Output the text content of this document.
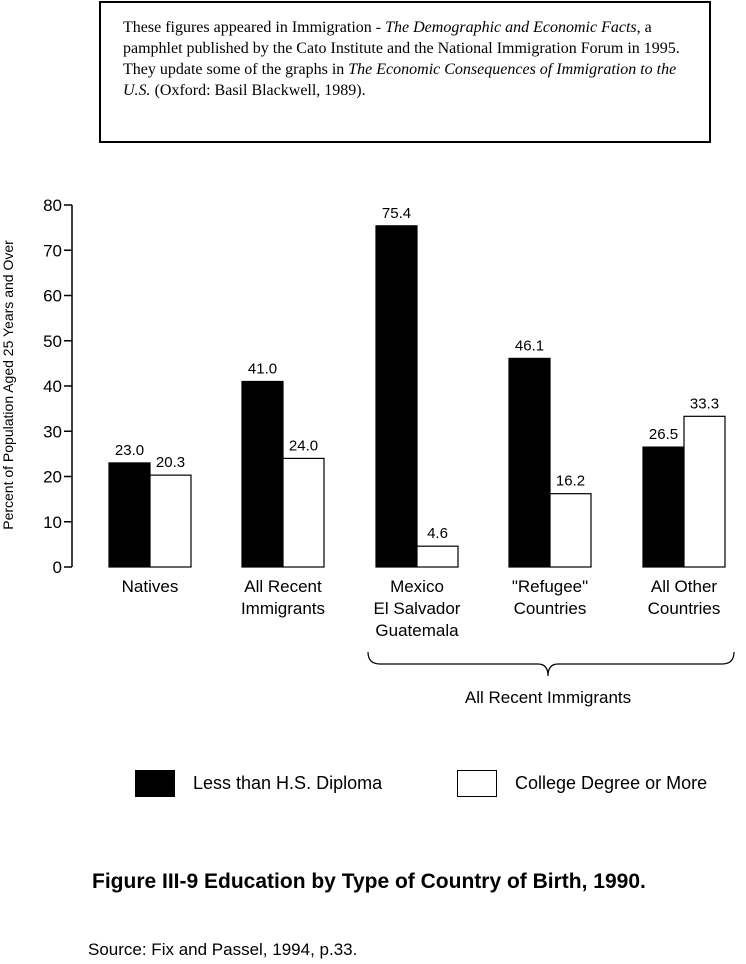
These figures appeared in Immigration - The Demographic and Economic Facts, a pamphlet published by the Cato Institute and the National Immigration Forum in 1995. They update some of the graphs in The Economic Consequences of Immigration to the U.S. (Oxford: Basil Blackwell, 1989).
0
10
20
30
40
50
60
70
80
Percent of Population Aged 25 Years and Over	23.0
41.0
75.4
46.1
26.5
20.3
24.0
4.6
16.2
33.3
Natives	All Recent
Immigrants
Mexico
El Salvador
Guatemala
"Refugee"
Countries
All Other
Countries
All Recent Immigrants
Less than H.S. Diploma	College Degree or More
Figure III-9 Education by Type of Country of Birth, 1990.
Source: Fix and Passel, 1994, p.33.
